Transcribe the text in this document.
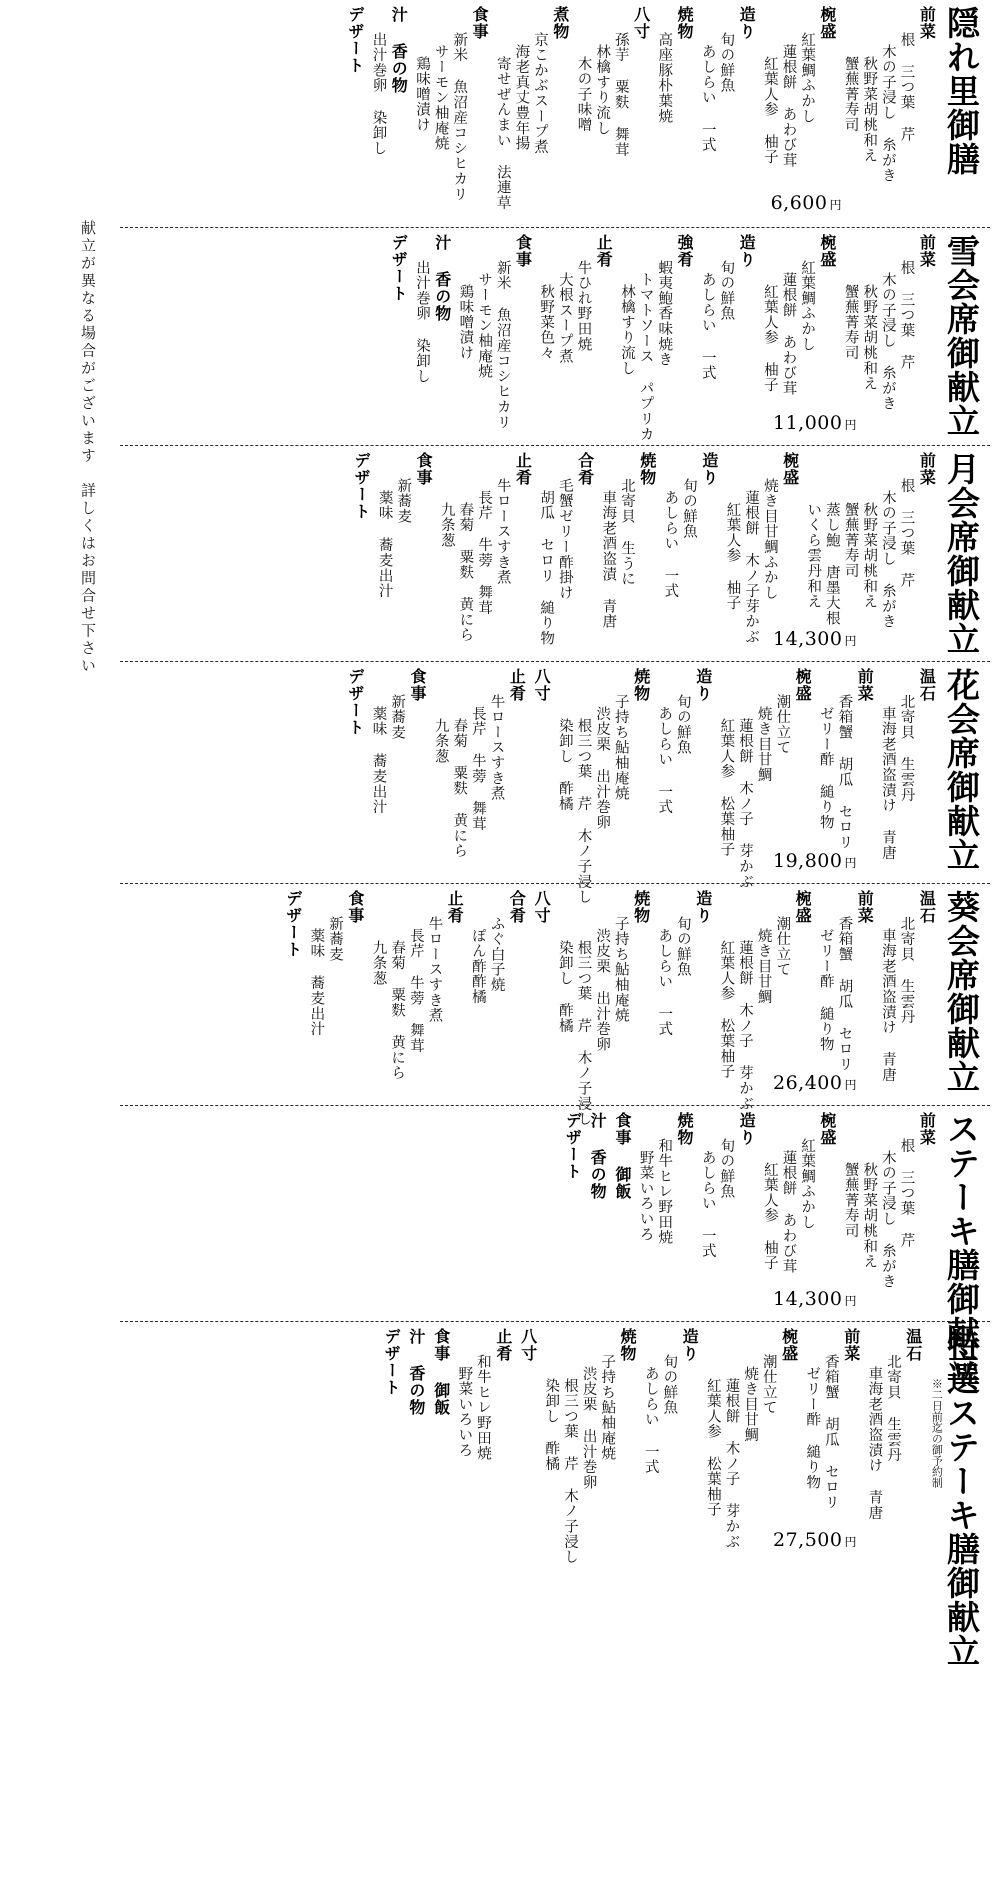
献立が異なる場合がございます　詳しくはお問合せ下さい
隠れ里御膳
6,600 円
前菜
根 三つ葉 芹
木の子浸し 糸がき
秋野菜胡桃和え
蟹蕪菁寿司
椀盛
紅葉鯛ふかし
蓮根餅 あわび茸
紅葉人参 柚子
造り
旬の鮮魚
あしらい 一式
焼物
高座豚朴葉焼
八寸
孫芋 粟麩 舞茸
林檎すり流し
木の子味噌
煮物
京こかぶスープ煮
海老真丈豊年揚
寄せぜんまい 法連草
食事
新米 魚沼産コシヒカリ
サーモン柚庵焼
鶏味噌漬け
汁 香の物
出汁巻卵 染卸し
デザート
雪会席御献立
11,000 円
前菜
根 三つ葉 芹
木の子浸し 糸がき
秋野菜胡桃和え
蟹蕪菁寿司
椀盛
紅葉鯛ふかし
蓮根餅 あわび茸
紅葉人参 柚子
造り
旬の鮮魚
あしらい 一式
強肴
蝦夷鮑香味焼き
トマトソース パプリカ
林檎すり流し
止肴
牛ひれ野田焼
大根スープ煮
秋野菜色々
食事
新米 魚沼産コシヒカリ
サーモン柚庵焼
鶏味噌漬け
汁 香の物
出汁巻卵 染卸し
デザート
月会席御献立
14,300 円
前菜
根 三つ葉 芹
木の子浸し 糸がき
秋野菜胡桃和え
蟹蕪菁寿司
蒸し鮑 唐墨大根
いくら雲丹和え
椀盛
焼き目甘鯛ふかし
蓮根餅 木ノ子芽かぶ
紅葉人参 柚子
造り
旬の鮮魚
あしらい 一式
焼物
北寄貝 生うに
車海老酒盗漬 青唐
合肴
毛蟹ゼリー酢掛け
胡瓜 セロリ 縋り物
止肴
牛ロースすき煮
長芹 牛蒡 舞茸
春菊 粟麩 黄にら
九条葱
食事
新蕎麦
薬味 蕎麦出汁
デザート
花会席御献立
19,800 円
温石
北寄貝 生雲丹
車海老酒盗漬け 青唐
前菜
香箱蟹 胡瓜 セロリ
ゼリー酢 縋り物
椀盛
潮仕立て
焼き目甘鯛
蓮根餅 木ノ子 芽かぶ
紅葉人参 松葉柚子
造り
旬の鮮魚
あしらい 一式
焼物
子持ち鮎柚庵焼
渋皮栗 出汁巻卵
根三つ葉 芹 木ノ子浸し
染卸し 酢橘
八寸
止肴
牛ロースすき煮
長芹 牛蒡 舞茸
春菊 粟麩 黄にら
九条葱
食事
新蕎麦
薬味 蕎麦出汁
デザート
葵会席御献立
26,400 円
温石
北寄貝 生雲丹
車海老酒盗漬け 青唐
前菜
香箱蟹 胡瓜 セロリ
ゼリー酢 縋り物
椀盛
潮仕立て
焼き目甘鯛
蓮根餅 木ノ子 芽かぶ
紅葉人参 松葉柚子
造り
旬の鮮魚
あしらい 一式
焼物
子持ち鮎柚庵焼
渋皮栗 出汁巻卵
根三つ葉 芹 木ノ子浸し
染卸し 酢橘
八寸
合肴
ふぐ白子焼
ぽん酢酢橘
止肴
牛ロースすき煮
長芹 牛蒡 舞茸
春菊 粟麩 黄にら
九条葱
食事
新蕎麦
薬味 蕎麦出汁
デザート
ステーキ膳御献立
14,300 円
前菜
根 三つ葉 芹
木の子浸し 糸がき
秋野菜胡桃和え
蟹蕪菁寿司
椀盛
紅葉鯛ふかし
蓮根餅 あわび茸
紅葉人参 柚子
造り
旬の鮮魚
あしらい 一式
焼物
和牛ヒレ野田焼
野菜いろいろ
食事 御飯
汁 香の物
デザート
特選ステーキ膳御献立
※二日前迄の御予約制
27,500 円
温石
北寄貝 生雲丹
車海老酒盗漬け 青唐
前菜
香箱蟹 胡瓜 セロリ
ゼリー酢 縋り物
椀盛
潮仕立て
焼き目甘鯛
蓮根餅 木ノ子 芽かぶ
紅葉人参 松葉柚子
造り
旬の鮮魚
あしらい 一式
焼物
子持ち鮎柚庵焼
渋皮栗 出汁巻卵
根三つ葉 芹 木ノ子浸し
染卸し 酢橘
八寸
止肴
和牛ヒレ野田焼
野菜いろいろ
食事 御飯
汁 香の物
デザート
